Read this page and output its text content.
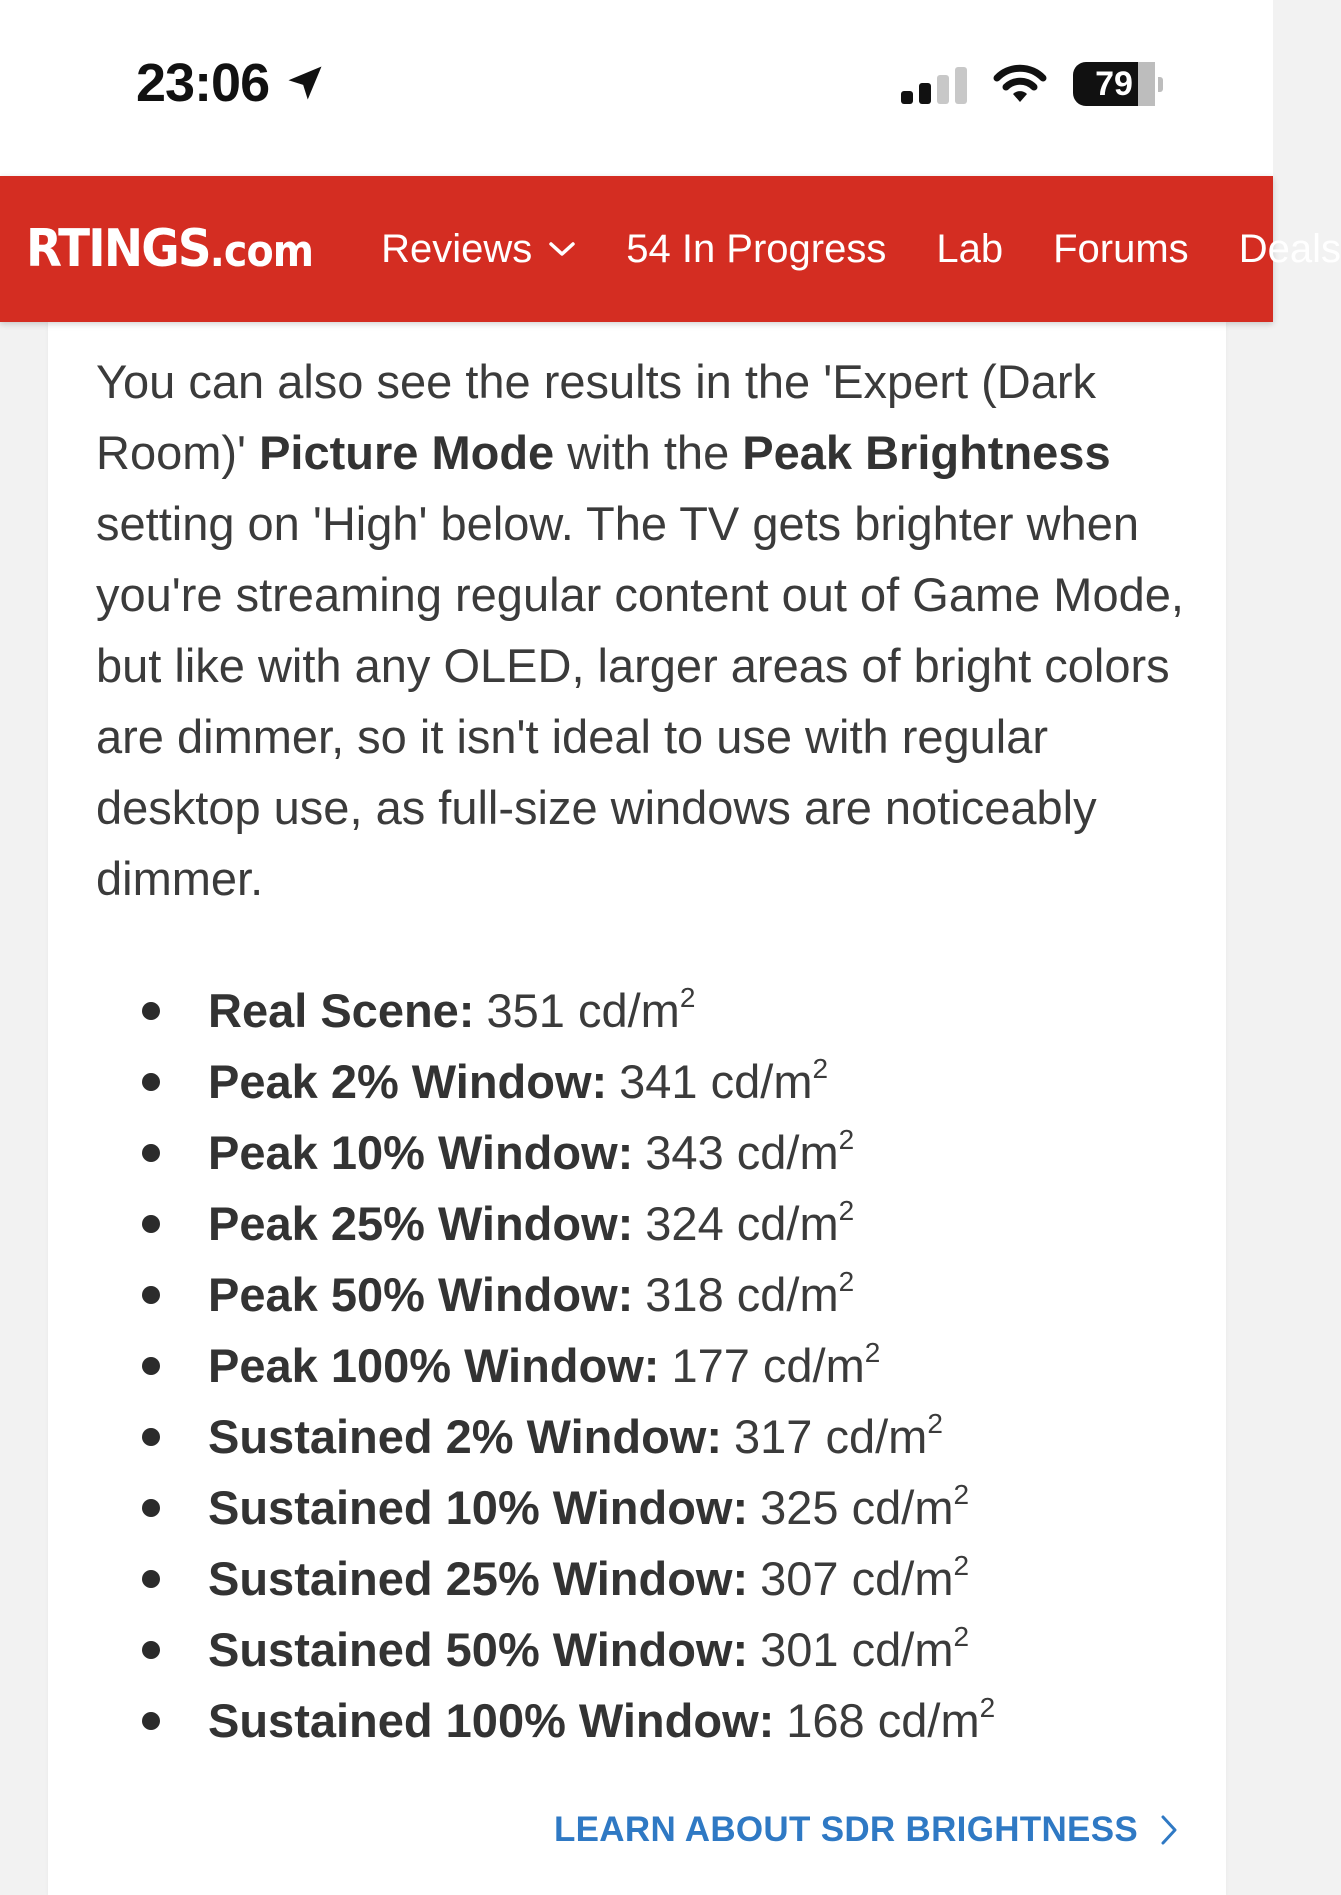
23:06	79
RTINGS.com Reviews 54 In Progress Lab Forums Deals

You can also see the results in the 'Expert (Dark Room)' Picture Mode with the Peak Brightness setting on 'High' below. The TV gets brighter when you're streaming regular content out of Game Mode, but like with any OLED, larger areas of bright colors are dimmer, so it isn't ideal to use with regular desktop use, as full-size windows are noticeably dimmer.

Real Scene: 351 $cd/m^2$
Peak 2% Window: 341 $cd/m^2$
Peak 10% Window: 343 $cd/m^2$
Peak 25% Window: 324 $cd/m^2$
Peak 50% Window: 318 $cd/m^2$
Peak 100% Window: 177 $cd/m^2$
Sustained 2% Window: 317 $cd/m^2$
Sustained 10% Window: 325 $cd/m^2$
Sustained 25% Window: 307 $cd/m^2$
Sustained 50% Window: 301 $cd/m^2$
Sustained 100% Window: 168 $cd/m^2$
LEARN ABOUT SDR BRIGHTNESS
